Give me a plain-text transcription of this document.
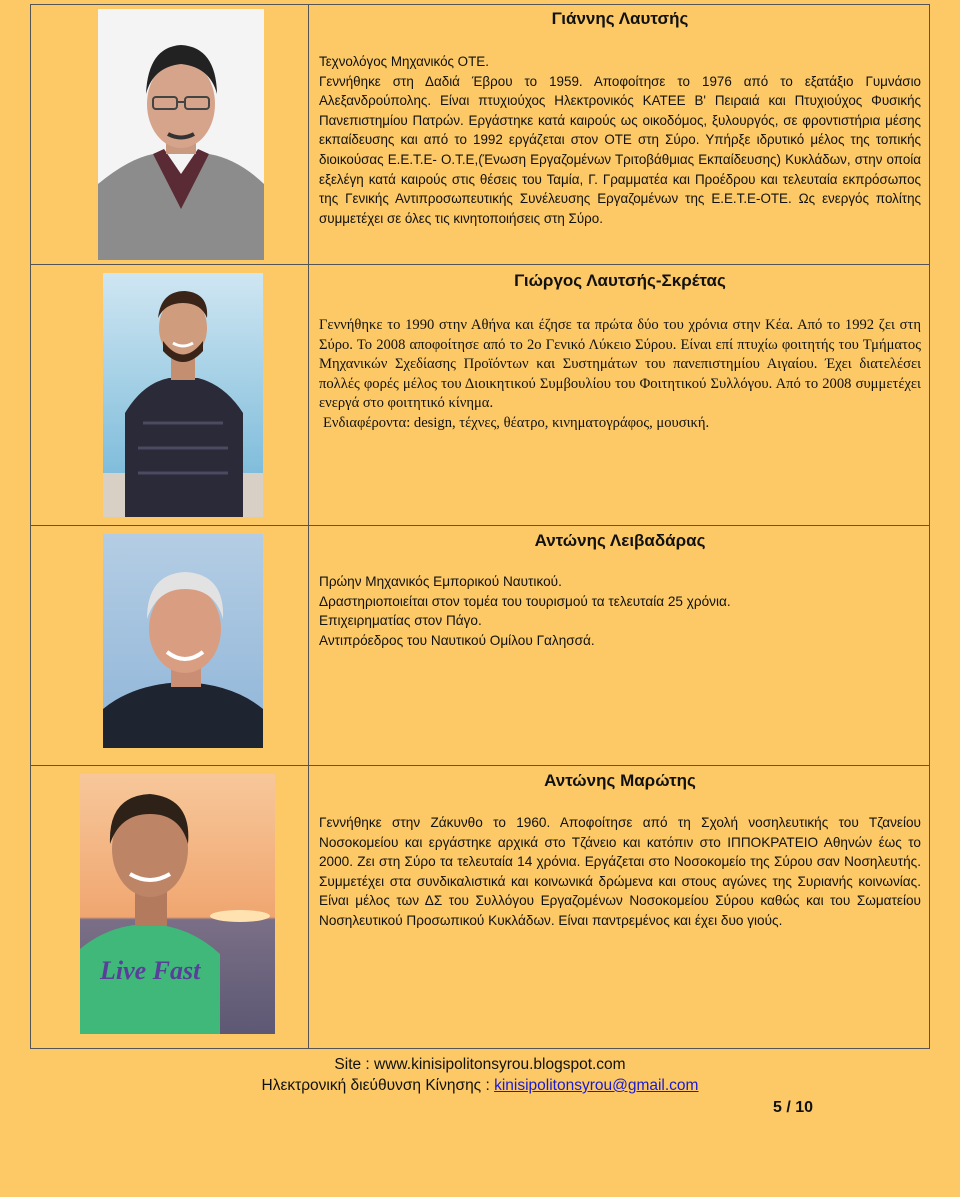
Γιάννης Λαυτσής

Τεχνολόγος Μηχανικός ΟΤΕ.

Γεννήθηκε στη Δαδιά Έβρου το 1959. Αποφοίτησε το 1976 από το εξατάξιο Γυμνάσιο Αλεξανδρούπολης. Είναι πτυχιούχος Ηλεκτρονικός ΚΑΤΕΕ Β' Πειραιά και Πτυχιούχος Φυσικής Πανεπιστημίου Πατρών. Εργάστηκε κατά καιρούς ως οικοδόμος, ξυλουργός, σε φροντιστήρια μέσης εκπαίδευσης και από το 1992 εργάζεται στον ΟΤΕ στη Σύρο. Υπήρξε ιδρυτικό μέλος της τοπικής διοικούσας Ε.Ε.Τ.Ε- Ο.Τ.Ε,(Ένωση Εργαζομένων Τριτοβάθμιας Εκπαίδευσης) Κυκλάδων, στην οποία εξελέγη κατά καιρούς στις θέσεις του Ταμία, Γ. Γραμματέα και Προέδρου και τελευταία εκπρόσωπος της Γενικής Αντιπροσωπευτικής Συνέλευσης Εργαζομένων της Ε.Ε.Τ.Ε-ΟΤΕ. Ως ενεργός πολίτης συμμετέχει σε όλες τις κινητοποιήσεις στη Σύρο.

Γιώργος Λαυτσής-Σκρέτας

Γεννήθηκε το 1990 στην Αθήνα και έζησε τα πρώτα δύο του χρόνια στην Κέα. Από το 1992 ζει στη Σύρο. Το 2008 αποφοίτησε από το 2ο Γενικό Λύκειο Σύρου. Είναι επί πτυχίω φοιτητής του Τμήματος Μηχανικών Σχεδίασης Προϊόντων και Συστημάτων του πανεπιστημίου Αιγαίου. Έχει διατελέσει πολλές φορές μέλος του Διοικητικού Συμβουλίου του Φοιτητικού Συλλόγου. Από το 2008 συμμετέχει ενεργά στο φοιτητικό κίνημα.

Ενδιαφέροντα: design, τέχνες, θέατρο, κινηματογράφος, μουσική.

Αντώνης Λειβαδάρας
Πρώην Μηχανικός Εμπορικού Ναυτικού.
Δραστηριοποιείται στον τομέα του τουρισμού τα τελευταία 25 χρόνια.
Επιχειρηματίας στον Πάγο.
Αντιπρόεδρος του Ναυτικού Ομίλου Γαλησσά.
Live Fast
Αντώνης Μαρώτης

Γεννήθηκε στην Ζάκυνθο το 1960. Αποφοίτησε από τη Σχολή νοσηλευτικής του Τζανείου Νοσοκομείου και εργάστηκε αρχικά στο Τζάνειο και κατόπιν στο ΙΠΠΟΚΡΑΤΕΙΟ Αθηνών έως το 2000. Ζει στη Σύρο τα τελευταία 14 χρόνια. Εργάζεται στο Νοσοκομείο της Σύρου σαν Νοσηλευτής. Συμμετέχει στα συνδικαλιστικά και κοινωνικά δρώμενα και στους αγώνες της Συριανής κοινωνίας. Είναι μέλος των ΔΣ του Συλλόγου Εργαζομένων Νοσοκομείου Σύρου καθώς και του Σωματείου Νοσηλευτικού Προσωπικού Κυκλάδων. Είναι παντρεμένος και έχει δυο γιούς.

Site : www.kinisipolitonsyrou.blogspot.com
Ηλεκτρονική διεύθυνση Κίνησης : kinisipolitonsyrou@gmail.com
5 / 10
